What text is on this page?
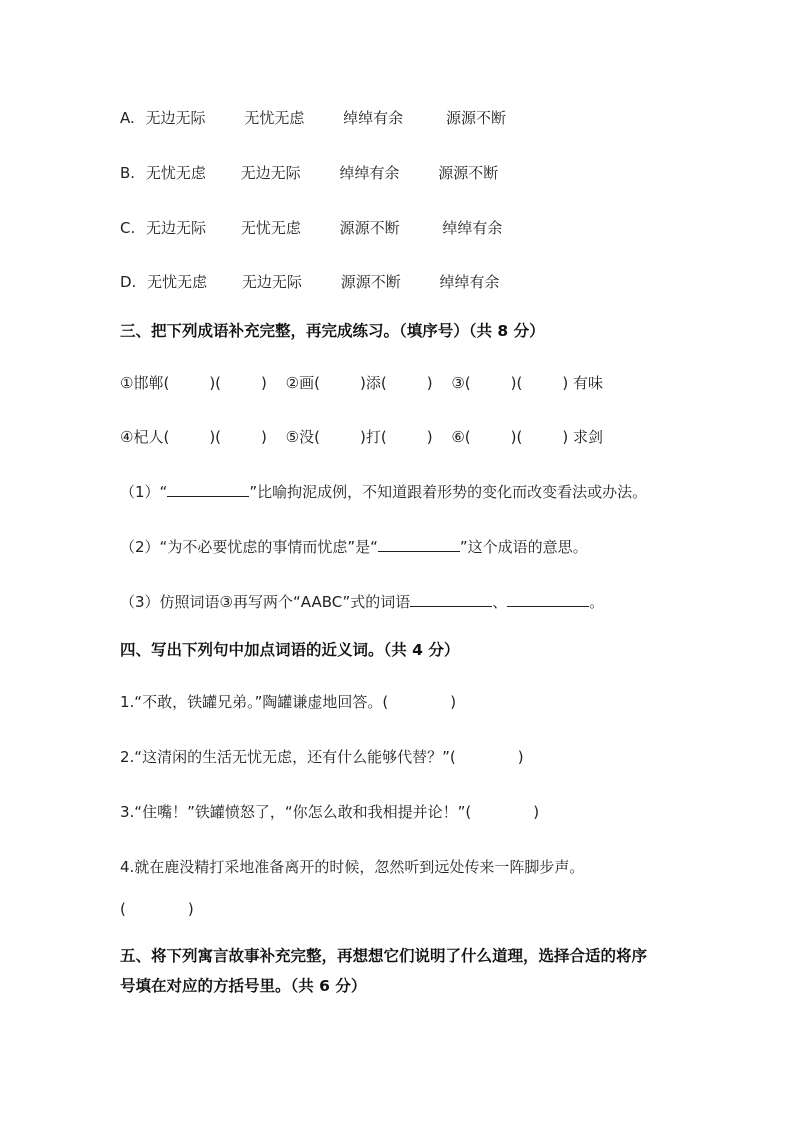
A. 无边无际	无忧无虑	绰绰有余	源源不断
B. 无忧无虑 无边无际	绰绰有余	源源不断
C. 无边无际 无忧无虑	源源不断	绰绰有余
D. 无忧无虑 无边无际	源源不断	绰绰有余
三、把下列成语补充完整，再完成练习。（填序号）（共 8 分）
①邯郸(	)(	) ②画(	)添(	) ③(	)(	) 有味
④杞人(	)(	) ⑤没(	)打(	) ⑥(	)(	) 求剑
（1）“	”比喻拘泥成例，不知道跟着形势的变化而改变看法或办法。
（2）“为不必要忧虑的事情而忧虑”是“	”这个成语的意思。
（3）仿照词语③再写两个“AABC”式的词语	、	。
四、写出下列句中加点词语的近义词。（共 4 分）
1.“不敢，铁罐兄弟。”陶罐谦虚地回答。(	)
2.“这清闲的生活无忧无虑，还有什么能够代替？”(	)
3.“住嘴！”铁罐愤怒了，“你怎么敢和我相提并论！”(	)
4.就在鹿没精打采地准备离开的时候，忽然听到远处传来一阵脚步声。
(	)
五、将下列寓言故事补充完整，再想想它们说明了什么道理，选择合适的将序
号填在对应的方括号里。（共 6 分）
